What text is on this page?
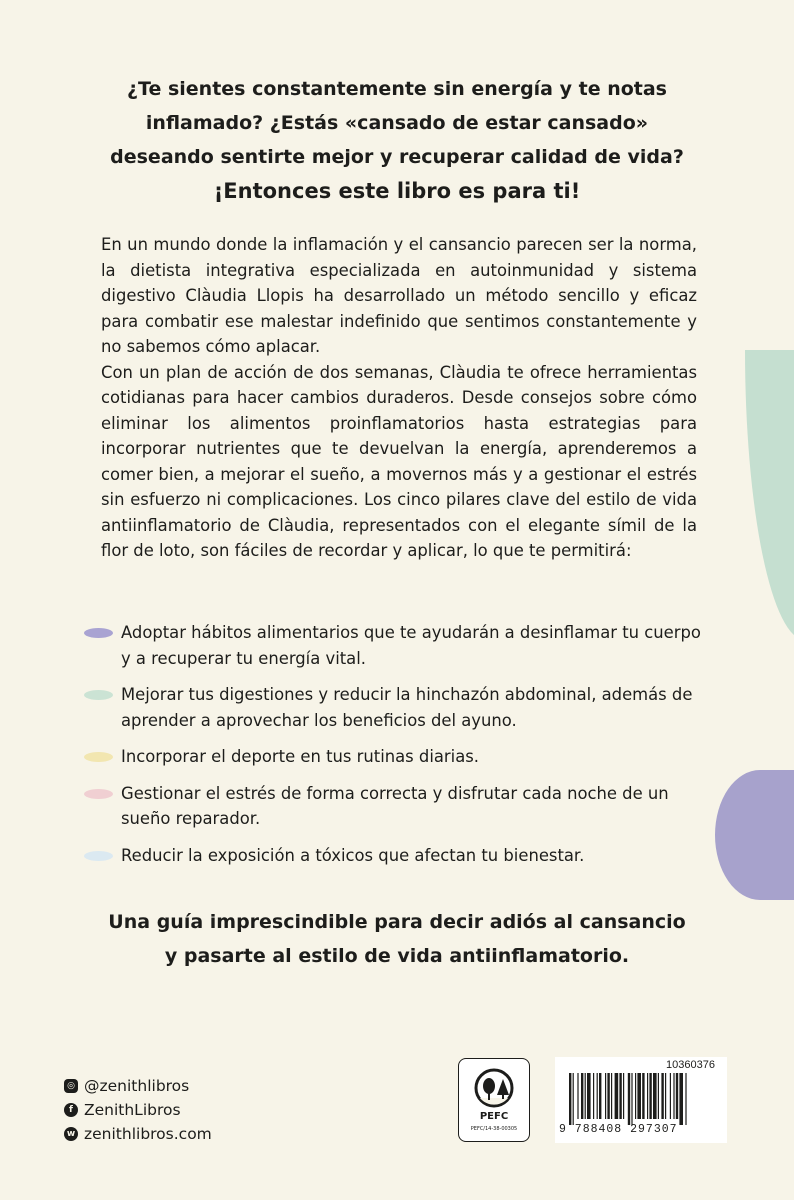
¿Te sientes constantemente sin energía y te notas
inflamado? ¿Estás «cansado de estar cansado»
deseando sentirte mejor y recuperar calidad de vida?
¡Entonces este libro es para ti!

En un mundo donde la inflamación y el cansancio parecen ser la norma, la dietista integrativa especializada en autoinmunidad y sistema digestivo Clàudia Llopis ha desarrollado un método sencillo y eficaz para combatir ese malestar indefinido que sentimos constantemente y no sabemos cómo aplacar.

Con un plan de acción de dos semanas, Clàudia te ofrece herramientas cotidianas para hacer cambios duraderos. Desde consejos sobre cómo eliminar los alimentos proinflamatorios hasta estrategias para incorporar nutrientes que te devuelvan la energía, aprenderemos a comer bien, a mejorar el sueño, a movernos más y a gestionar el estrés sin esfuerzo ni complicaciones. Los cinco pilares clave del estilo de vida antiinflamatorio de Clàudia, representados con el elegante símil de la flor de loto, son fáciles de recordar y aplicar, lo que te permitirá:

Adoptar hábitos alimentarios que te ayudarán a desinflamar tu cuerpo y a recuperar tu energía vital.
Mejorar tus digestiones y reducir la hinchazón abdominal, además de aprender a aprovechar los beneficios del ayuno.
Incorporar el deporte en tus rutinas diarias.
Gestionar el estrés de forma correcta y disfrutar cada noche de un sueño reparador.
Reducir la exposición a tóxicos que afectan tu bienestar.
Una guía imprescindible para decir adiós al cansancio
y pasarte al estilo de vida antiinflamatorio.
◎ @zenithlibros
f ZenithLibros
w zenithlibros.com
PEFC
PEFC/14-38-00305
10360376
9 788408 297307
